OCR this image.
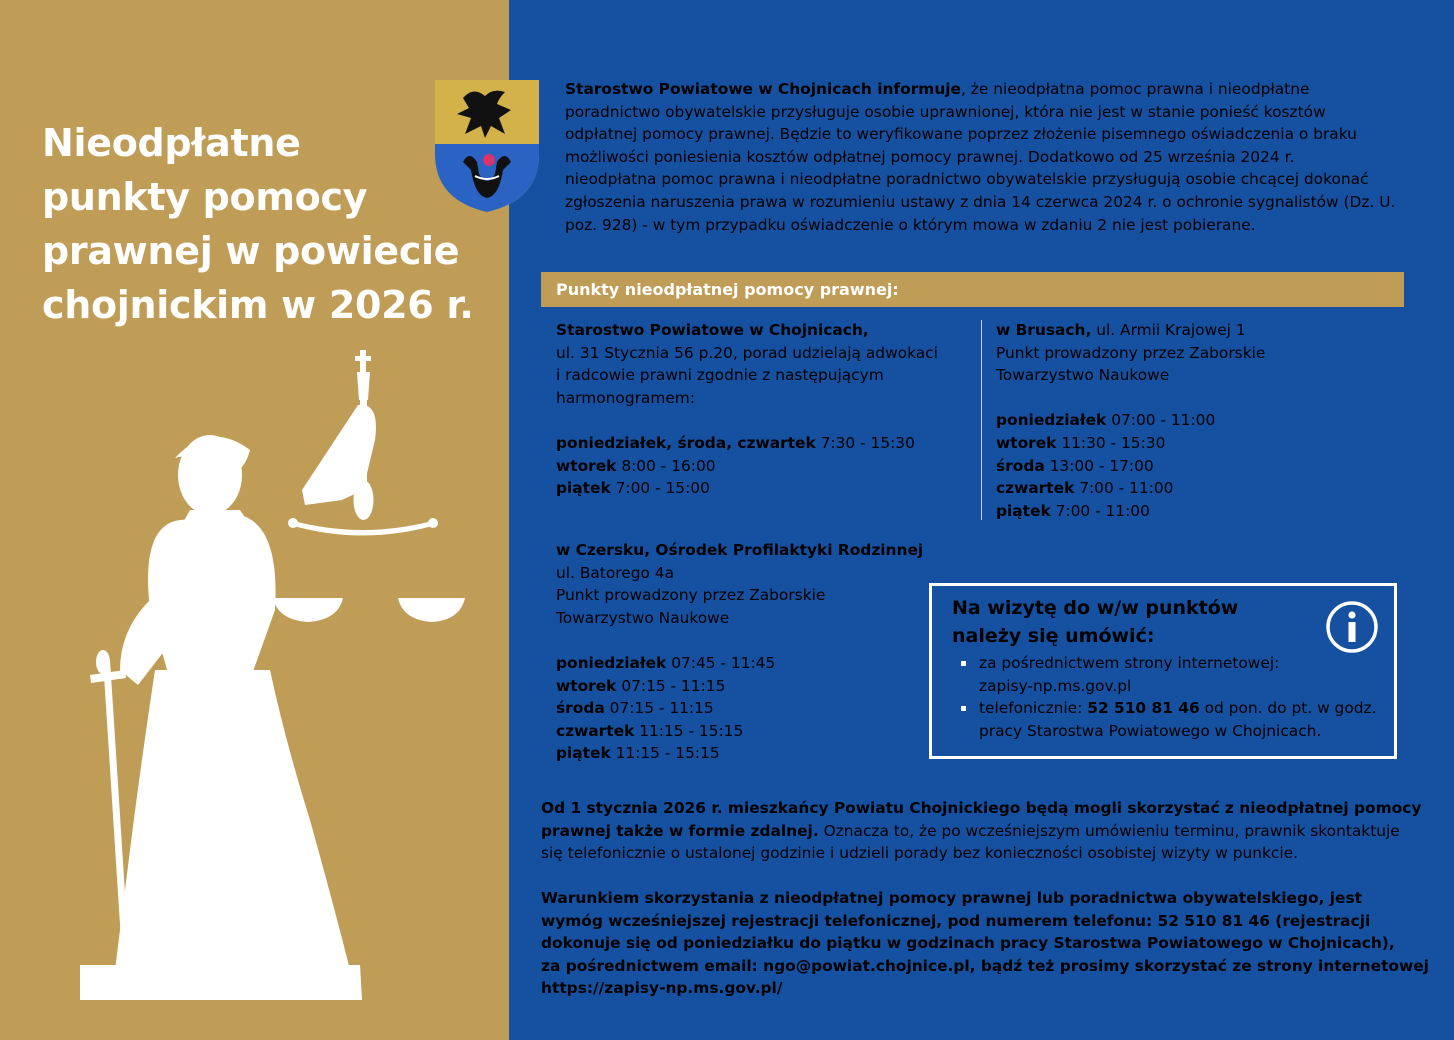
Nieodpłatne
punkty pomocy
prawnej w powiecie
chojnickim w 2026 r.
Starostwo Powiatowe w Chojnicach informuje, że nieodpłatna pomoc prawna i nieodpłatne
poradnictwo obywatelskie przysługuje osobie uprawnionej, która nie jest w stanie ponieść kosztów
odpłatnej pomocy prawnej. Będzie to weryfikowane poprzez złożenie pisemnego oświadczenia o braku
możliwości poniesienia kosztów odpłatnej pomocy prawnej. Dodatkowo od 25 września 2024 r.
nieodpłatna pomoc prawna i nieodpłatne poradnictwo obywatelskie przysługują osobie chcącej dokonać
zgłoszenia naruszenia prawa w rozumieniu ustawy z dnia 14 czerwca 2024 r. o ochronie sygnalistów (Dz. U.
poz. 928) - w tym przypadku oświadczenie o którym mowa w zdaniu 2 nie jest pobierane.
Punkty nieodpłatnej pomocy prawnej:
Starostwo Powiatowe w Chojnicach,
ul. 31 Stycznia 56 p.20, porad udzielają adwokaci
i radcowie prawni zgodnie z następującym
harmonogramem:
poniedziałek, środa, czwartek 7:30 - 15:30
wtorek 8:00 - 16:00
piątek 7:00 - 15:00
w Brusach, ul. Armii Krajowej 1
Punkt prowadzony przez Zaborskie
Towarzystwo Naukowe
poniedziałek 07:00 - 11:00
wtorek 11:30 - 15:30
środa 13:00 - 17:00
czwartek 7:00 - 11:00
piątek 7:00 - 11:00
w Czersku, Ośrodek Profilaktyki Rodzinnej
ul. Batorego 4a
Punkt prowadzony przez Zaborskie
Towarzystwo Naukowe
poniedziałek 07:45 - 11:45
wtorek 07:15 - 11:15
środa 07:15 - 11:15
czwartek 11:15 - 15:15
piątek 11:15 - 15:15
Na wizytę do w/w punktów
należy się umówić:
za pośrednictwem strony internetowej:
zapisy-np.ms.gov.pl
telefonicznie: 52 510 81 46 od pon. do pt. w godz.
pracy Starostwa Powiatowego w Chojnicach.
Od 1 stycznia 2026 r. mieszkańcy Powiatu Chojnickiego będą mogli skorzystać z nieodpłatnej pomocy
prawnej także w formie zdalnej. Oznacza to, że po wcześniejszym umówieniu terminu, prawnik skontaktuje
się telefonicznie o ustalonej godzinie i udzieli porady bez konieczności osobistej wizyty w punkcie.
Warunkiem skorzystania z nieodpłatnej pomocy prawnej lub poradnictwa obywatelskiego, jest
wymóg wcześniejszej rejestracji telefonicznej, pod numerem telefonu: 52 510 81 46 (rejestracji
dokonuje się od poniedziałku do piątku w godzinach pracy Starostwa Powiatowego w Chojnicach),
za pośrednictwem email: ngo@powiat.chojnice.pl, bądź też prosimy skorzystać ze strony internetowej
https://zapisy-np.ms.gov.pl/
